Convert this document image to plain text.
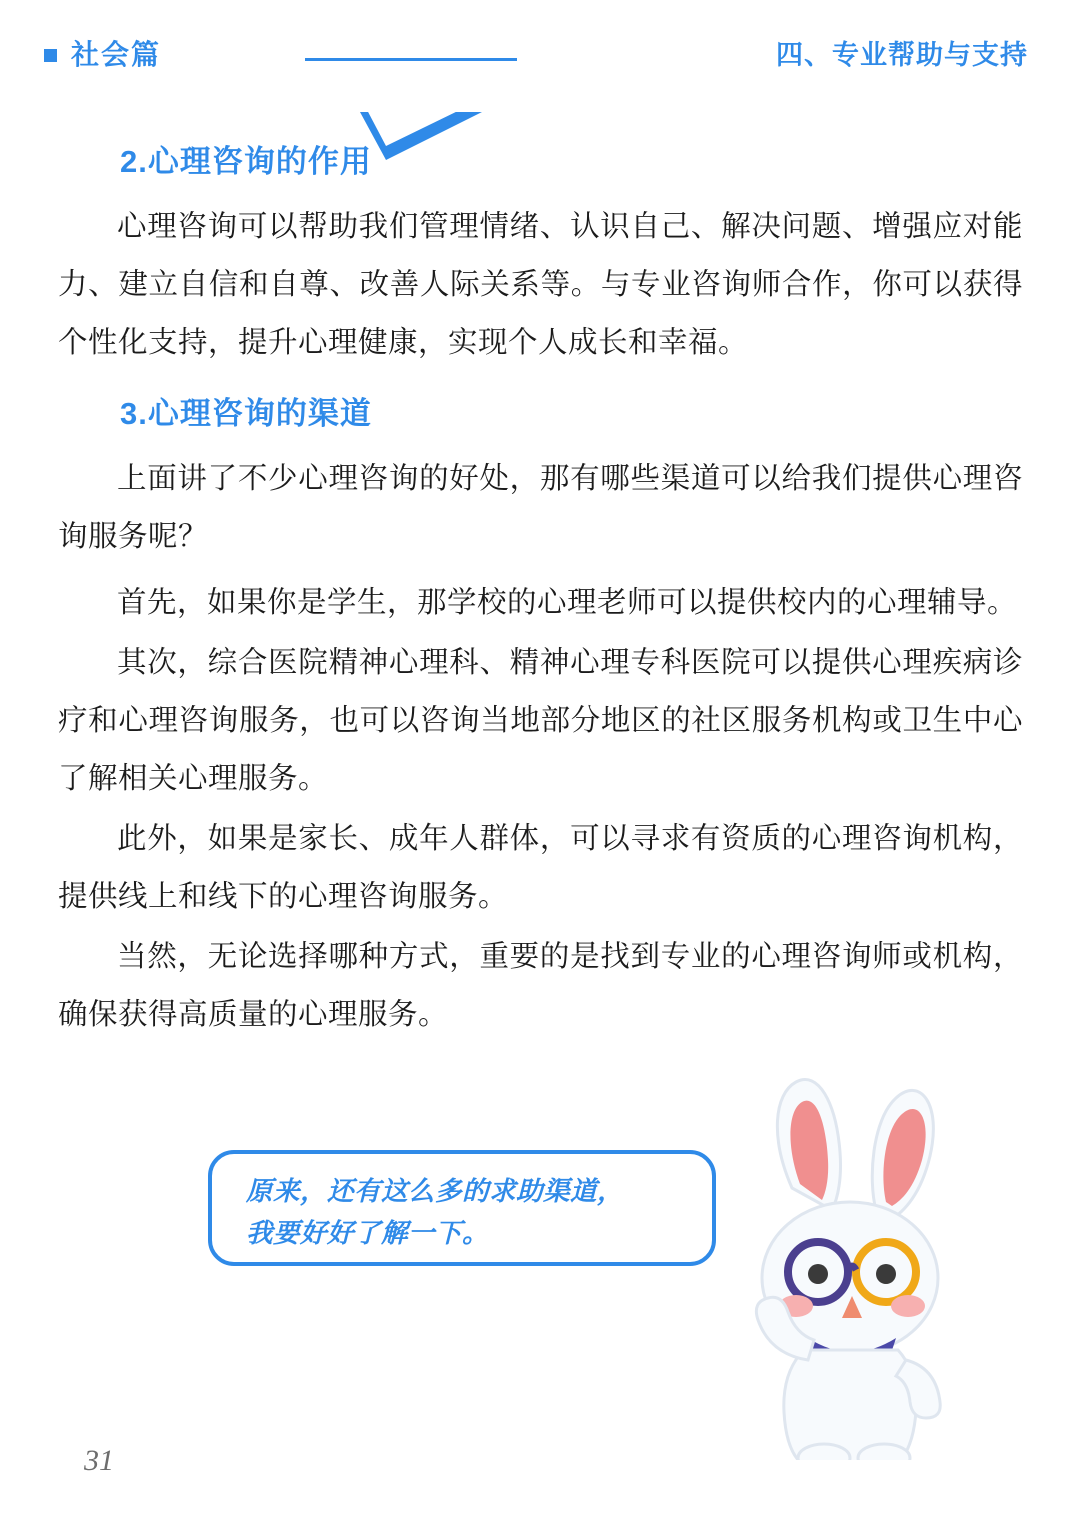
社会篇	四、专业帮助与支持
2.心理咨询的作用

心理咨询可以帮助我们管理情绪、认识自己、解决问题、增强应对能力、建立自信和自尊、改善人际关系等。与专业咨询师合作，你可以获得个性化支持，提升心理健康，实现个人成长和幸福。

3.心理咨询的渠道

上面讲了不少心理咨询的好处，那有哪些渠道可以给我们提供心理咨询服务呢？

首先，如果你是学生，那学校的心理老师可以提供校内的心理辅导。

其次，综合医院精神心理科、精神心理专科医院可以提供心理疾病诊疗和心理咨询服务，也可以咨询当地部分地区的社区服务机构或卫生中心了解相关心理服务。

此外，如果是家长、成年人群体，可以寻求有资质的心理咨询机构，提供线上和线下的心理咨询服务。

当然，无论选择哪种方式，重要的是找到专业的心理咨询师或机构，确保获得高质量的心理服务。

原来，还有这么多的求助渠道，
我要好好了解一下。
31
